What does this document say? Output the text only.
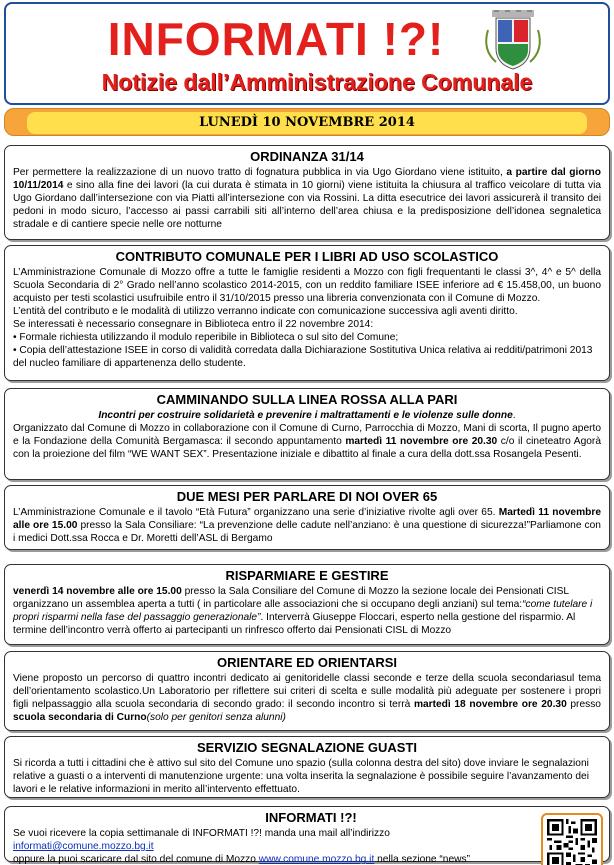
INFORMATI !?!
Notizie dall’Amministrazione Comunale
LUNEDÌ 10 NOVEMBRE 2014
ORDINANZA 31/14

Per permettere la realizzazione di un nuovo tratto di fognatura pubblica in via Ugo Giordano viene istituito, a partire dal giorno 10/11/2014 e sino alla fine dei lavori (la cui durata è stimata in 10 giorni) viene istituita la chiusura al traffico veicolare di tutta via Ugo Giordano dall’intersezione con via Piatti all’intersezione con via Rossini. La ditta esecutrice dei lavori assicurerà il transito dei pedoni in modo sicuro, l’accesso ai passi carrabili siti all’interno dell’area chiusa e la predisposizione dell’idonea segnaletica stradale e di cantiere specie nelle ore notturne

CONTRIBUTO COMUNALE PER I LIBRI AD USO SCOLASTICO

L’Amministrazione Comunale di Mozzo offre a tutte le famiglie residenti a Mozzo con figli frequentanti le classi 3^, 4^ e 5^ della Scuola Secondaria di 2° Grado nell’anno scolastico 2014-2015, con un reddito familiare ISEE inferiore ad € 15.458,00, un buono acquisto per testi scolastici usufruibile entro il 31/10/2015 presso una libreria convenzionata con il Comune di Mozzo.

L’entità del contributo e le modalità di utilizzo verranno indicate con comunicazione successiva agli aventi diritto.

Se interessati è necessario consegnare in Biblioteca entro il 22 novembre 2014:

• Formale richiesta utilizzando il modulo reperibile in Biblioteca o sul sito del Comune;

• Copia dell’attestazione ISEE in corso di validità corredata dalla Dichiarazione Sostitutiva Unica relativa ai redditi/patrimoni 2013 del nucleo familiare di appartenenza dello studente.

CAMMINANDO SULLA LINEA ROSSA ALLA PARI

Incontri per costruire solidarietà e prevenire i maltrattamenti e le violenze sulle donne.

Organizzato dal Comune di Mozzo in collaborazione con il Comune di Curno, Parrocchia di Mozzo, Mani di scorta, Il pugno aperto e la Fondazione della Comunità Bergamasca: il secondo appuntamento martedì 11 novembre ore 20.30 c/o il cineteatro Agorà con la proiezione del film “WE WANT SEX”. Presentazione iniziale e dibattito al finale a cura della dott.ssa Rosangela Pesenti.

DUE MESI PER PARLARE DI NOI OVER 65

L’Amministrazione Comunale e il tavolo “Età Futura” organizzano una serie d’iniziative rivolte agli over 65. Martedì 11 novembre alle ore 15.00 presso la Sala Consiliare: “La prevenzione delle cadute nell’anziano: è una questione di sicurezza!”Parliamone con i medici Dott.ssa Rocca e Dr. Moretti dell’ASL di Bergamo

RISPARMIARE E GESTIRE

venerdì 14 novembre alle ore 15.00 presso la Sala Consiliare del Comune di Mozzo la sezione locale dei Pensionati CISL organizzano un assemblea aperta a tutti ( in particolare alle associazioni che si occupano degli anziani) sul tema:“come tutelare i propri risparmi nella fase del passaggio generazionale”. Interverrà Giuseppe Floccari, esperto nella gestione del risparmio. Al termine dell’incontro verrà offerto ai partecipanti un rinfresco offerto dai Pensionati CISL di Mozzo

ORIENTARE ED ORIENTARSI

Viene proposto un percorso di quattro incontri dedicato ai genitoridelle classi seconde e terze della scuola secondariasul tema dell’orientamento scolastico.Un Laboratorio per riflettere sui criteri di scelta e sulle modalità più adeguate per sostenere i propri figli nelpassaggio alla scuola secondaria di secondo grado: il secondo incontro si terrà martedì 18 novembre ore 20.30 presso scuola secondaria di Curno(solo per genitori senza alunni)

SERVIZIO SEGNALAZIONE GUASTI

Si ricorda a tutti i cittadini che è attivo sul sito del Comune uno spazio (sulla colonna destra del sito) dove inviare le segnalazioni relative a guasti o a interventi di manutenzione urgente: una volta inserita la segnalazione è possibile seguire l’avanzamento dei lavori e le relative informazioni in merito all’intervento effettuato.

INFORMATI !?!

Se vuoi ricevere la copia settimanale di INFORMATI !?! manda una mail all’indirizzo informati@comune.mozzo.bg.it

oppure la puoi scaricare dal sito del comune di Mozzo www.comune.mozzo.bg.it nella sezione “news”
